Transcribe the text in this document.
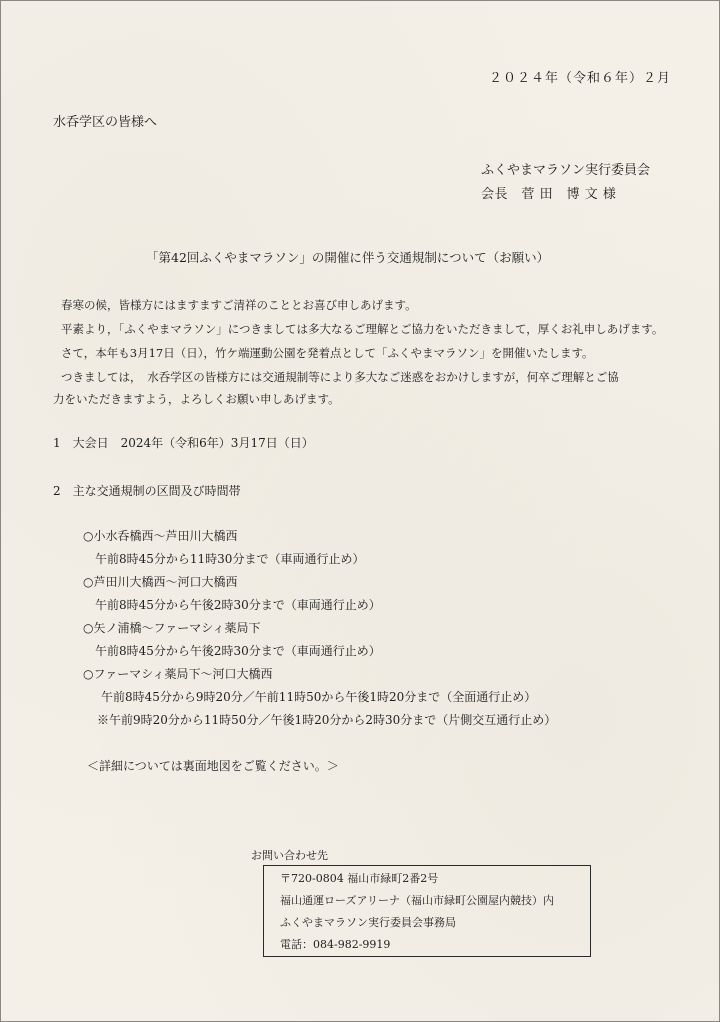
２０２４年（令和６年）２月
水呑学区の皆様へ
ふくやまマラソン実行委員会
会長　菅 田　博 文 様
「第42回ふくやまマラソン」の開催に伴う交通規制について（お願い）
春寒の候，皆様方にはますますご清祥のこととお喜び申しあげます。
平素より，「ふくやまマラソン」につきましては多大なるご理解とご協力をいただきまして，厚くお礼申しあげます。
さて，本年も3月17日（日），竹ケ端運動公園を発着点として「ふくやまマラソン」を開催いたします。
つきましては，　水呑学区の皆様方には交通規制等により多大なご迷惑をおかけしますが，何卒ご理解とご協
力をいただきますよう，よろしくお願い申しあげます。
1　大会日　2024年（令和6年）3月17日（日）
2　主な交通規制の区間及び時間帯
○小水呑橋西～芦田川大橋西
午前8時45分から11時30分まで（車両通行止め）
○芦田川大橋西～河口大橋西
午前8時45分から午後2時30分まで（車両通行止め）
○矢ノ浦橋～ファーマシィ薬局下
午前8時45分から午後2時30分まで（車両通行止め）
○ファーマシィ薬局下～河口大橋西
午前8時45分から9時20分／午前11時50から午後1時20分まで（全面通行止め）
※午前9時20分から11時50分／午後1時20分から2時30分まで（片側交互通行止め）
＜詳細については裏面地図をご覧ください。＞
お問い合わせ先
〒720-0804 福山市緑町2番2号
福山通運ローズアリーナ（福山市緑町公園屋内競技）内
ふくやまマラソン実行委員会事務局
電話：084-982-9919
